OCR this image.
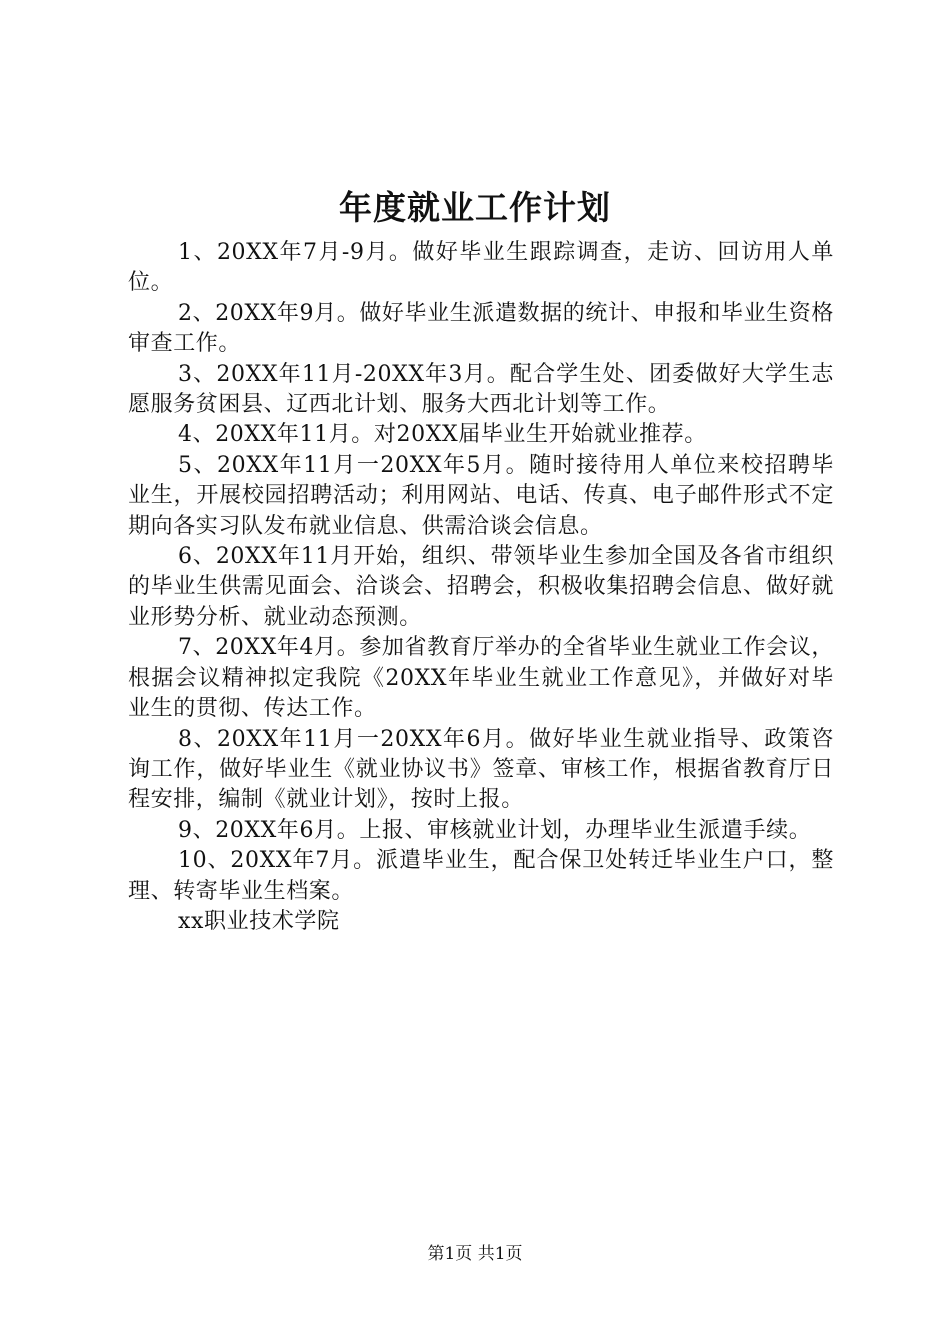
年度就业工作计划

1、20XX年7月-9月。做好毕业生跟踪调查，走访、回访用人单位。

2、20XX年9月。做好毕业生派遣数据的统计、申报和毕业生资格审查工作。

3、20XX年11月-20XX年3月。配合学生处、团委做好大学生志愿服务贫困县、辽西北计划、服务大西北计划等工作。

4、20XX年11月。对20XX届毕业生开始就业推荐。

5、20XX年11月一20XX年5月。随时接待用人单位来校招聘毕业生，开展校园招聘活动；利用网站、电话、传真、电子邮件形式不定期向各实习队发布就业信息、供需洽谈会信息。

6、20XX年11月开始，组织、带领毕业生参加全国及各省市组织的毕业生供需见面会、洽谈会、招聘会，积极收集招聘会信息、做好就业形势分析、就业动态预测。

7、20XX年4月。参加省教育厅举办的全省毕业生就业工作会议，根据会议精神拟定我院《20XX年毕业生就业工作意见》，并做好对毕业生的贯彻、传达工作。

8、20XX年11月一20XX年6月。做好毕业生就业指导、政策咨询工作，做好毕业生《就业协议书》签章、审核工作，根据省教育厅日程安排，编制《就业计划》，按时上报。

9、20XX年6月。上报、审核就业计划，办理毕业生派遣手续。

10、20XX年7月。派遣毕业生，配合保卫处转迁毕业生户口，整理、转寄毕业生档案。

xx职业技术学院

第1页 共1页
